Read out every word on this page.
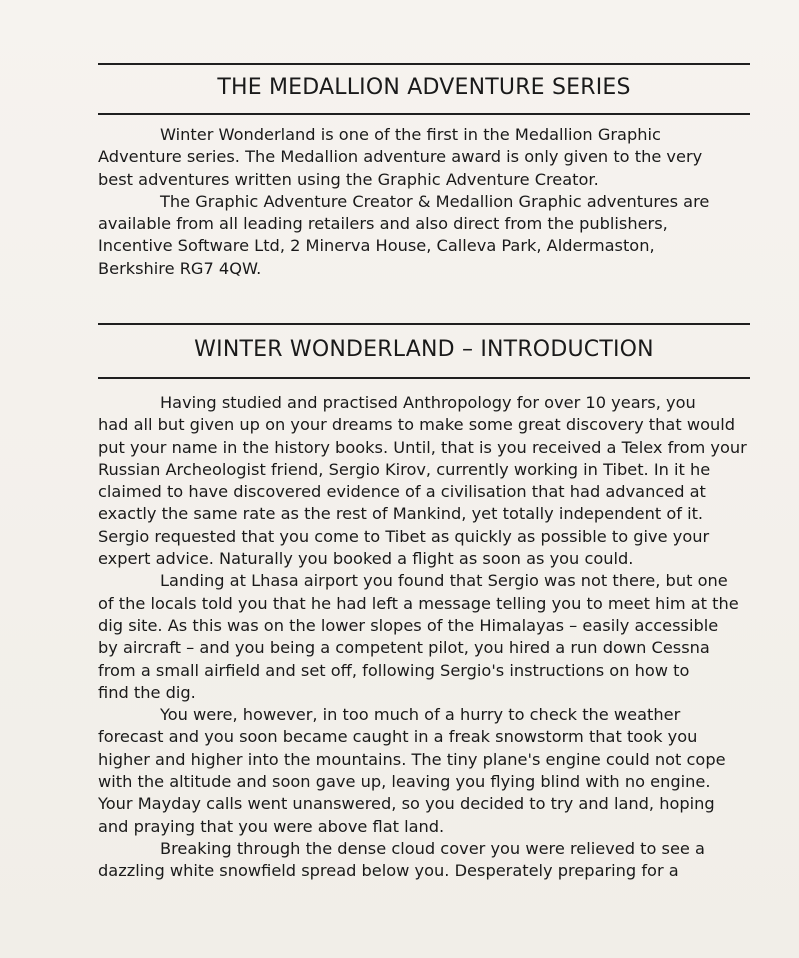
THE MEDALLION ADVENTURE SERIES
Winter Wonderland is one of the first in the Medallion Graphic
Adventure series. The Medallion adventure award is only given to the very
best adventures written using the Graphic Adventure Creator.
The Graphic Adventure Creator & Medallion Graphic adventures are
available from all leading retailers and also direct from the publishers,
Incentive Software Ltd, 2 Minerva House, Calleva Park, Aldermaston,
Berkshire RG7 4QW.
WINTER WONDERLAND – INTRODUCTION
Having studied and practised Anthropology for over 10 years, you
had all but given up on your dreams to make some great discovery that would
put your name in the history books. Until, that is you received a Telex from your
Russian Archeologist friend, Sergio Kirov, currently working in Tibet. In it he
claimed to have discovered evidence of a civilisation that had advanced at
exactly the same rate as the rest of Mankind, yet totally independent of it.
Sergio requested that you come to Tibet as quickly as possible to give your
expert advice. Naturally you booked a flight as soon as you could.
Landing at Lhasa airport you found that Sergio was not there, but one
of the locals told you that he had left a message telling you to meet him at the
dig site. As this was on the lower slopes of the Himalayas – easily accessible
by aircraft – and you being a competent pilot, you hired a run down Cessna
from a small airfield and set off, following Sergio's instructions on how to
find the dig.
You were, however, in too much of a hurry to check the weather
forecast and you soon became caught in a freak snowstorm that took you
higher and higher into the mountains. The tiny plane's engine could not cope
with the altitude and soon gave up, leaving you flying blind with no engine.
Your Mayday calls went unanswered, so you decided to try and land, hoping
and praying that you were above flat land.
Breaking through the dense cloud cover you were relieved to see a
dazzling white snowfield spread below you. Desperately preparing for a
